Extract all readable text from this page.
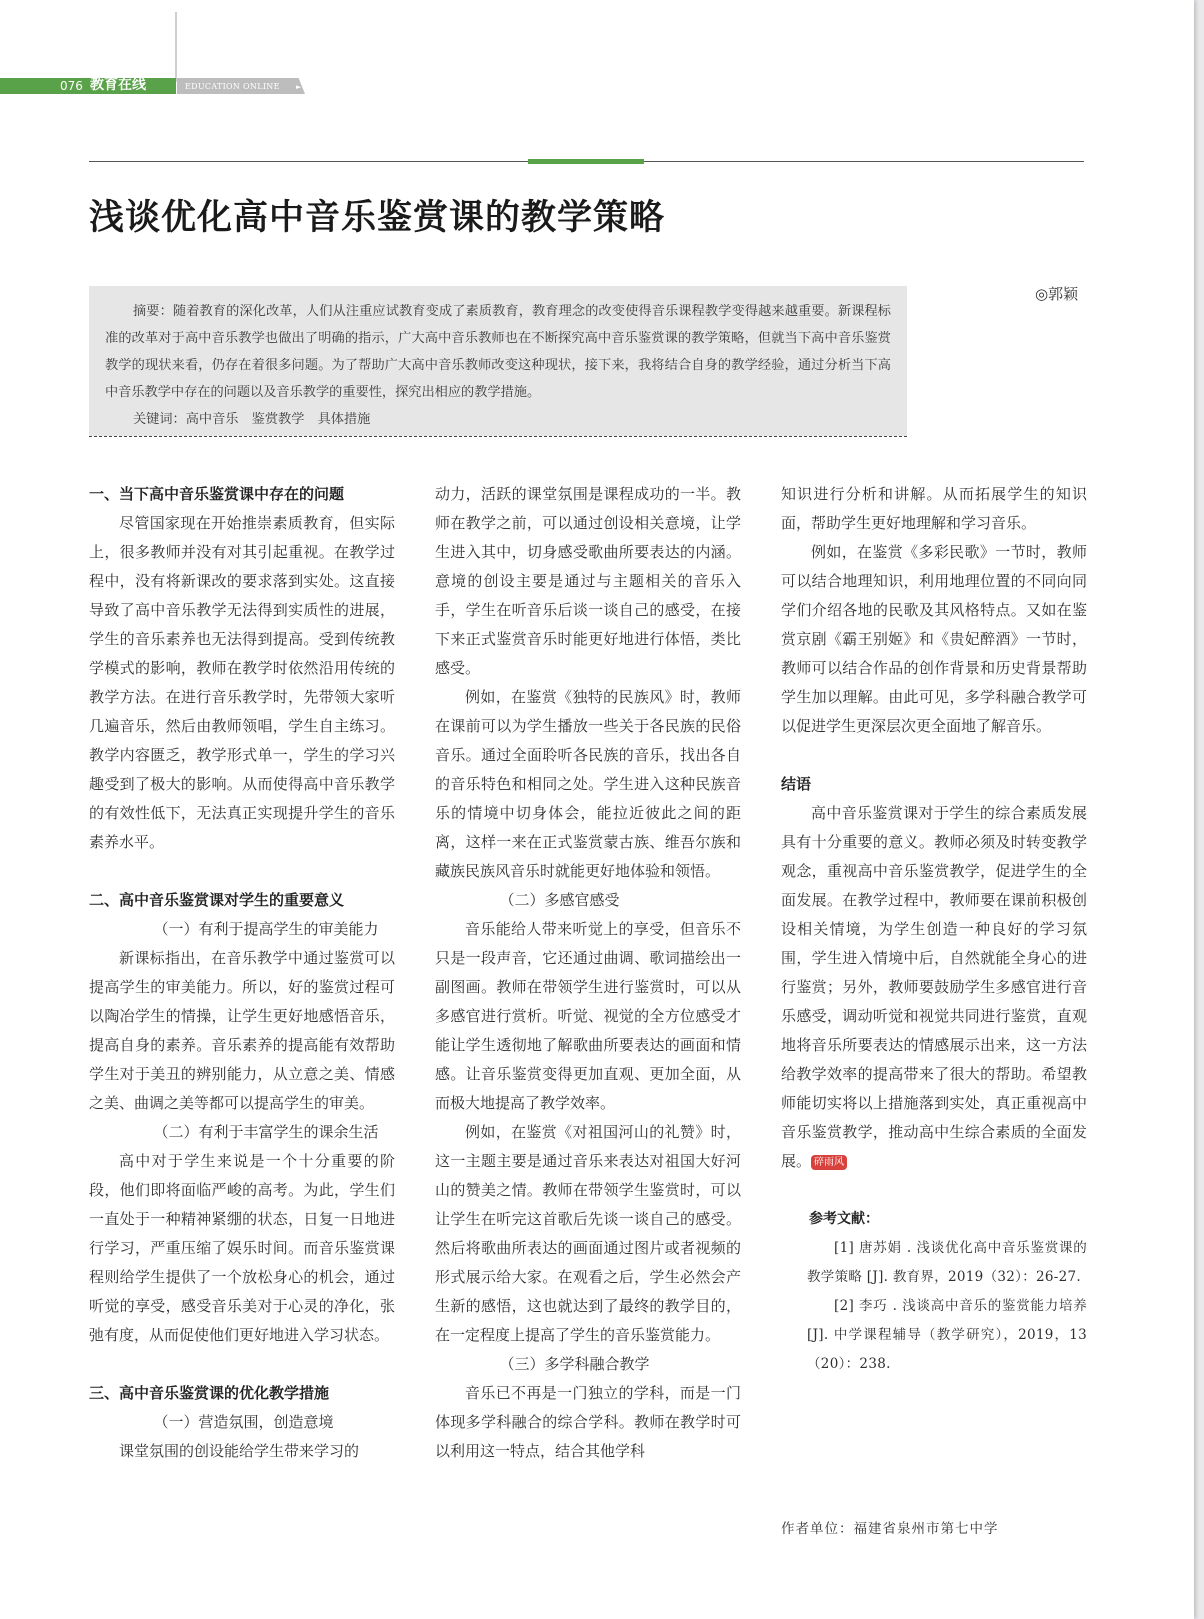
076 教育在线	EDUCATION ONLINE ►
浅谈优化高中音乐鉴赏课的教学策略
◎郭颖

摘要：随着教育的深化改革，人们从注重应试教育变成了素质教育，教育理念的改变使得音乐课程教学变得越来越重要。新课程标准的改革对于高中音乐教学也做出了明确的指示，广大高中音乐教师也在不断探究高中音乐鉴赏课的教学策略，但就当下高中音乐鉴赏教学的现状来看，仍存在着很多问题。为了帮助广大高中音乐教师改变这种现状，接下来，我将结合自身的教学经验，通过分析当下高中音乐教学中存在的问题以及音乐教学的重要性，探究出相应的教学措施。

关键词：高中音乐　鉴赏教学　具体措施

一、当下高中音乐鉴赏课中存在的问题

尽管国家现在开始推崇素质教育，但实际上，很多教师并没有对其引起重视。在教学过程中，没有将新课改的要求落到实处。这直接导致了高中音乐教学无法得到实质性的进展，学生的音乐素养也无法得到提高。受到传统教学模式的影响，教师在教学时依然沿用传统的教学方法。在进行音乐教学时，先带领大家听几遍音乐，然后由教师领唱，学生自主练习。教学内容匮乏，教学形式单一，学生的学习兴趣受到了极大的影响。从而使得高中音乐教学的有效性低下，无法真正实现提升学生的音乐素养水平。

二、高中音乐鉴赏课对学生的重要意义

（一）有利于提高学生的审美能力

新课标指出，在音乐教学中通过鉴赏可以提高学生的审美能力。所以，好的鉴赏过程可以陶冶学生的情操，让学生更好地感悟音乐，提高自身的素养。音乐素养的提高能有效帮助学生对于美丑的辨别能力，从立意之美、情感之美、曲调之美等都可以提高学生的审美。

（二）有利于丰富学生的课余生活

高中对于学生来说是一个十分重要的阶段，他们即将面临严峻的高考。为此，学生们一直处于一种精神紧绷的状态，日复一日地进行学习，严重压缩了娱乐时间。而音乐鉴赏课程则给学生提供了一个放松身心的机会，通过听觉的享受，感受音乐美对于心灵的净化，张弛有度，从而促使他们更好地进入学习状态。

三、高中音乐鉴赏课的优化教学措施

（一）营造氛围，创造意境

课堂氛围的创设能给学生带来学习的

动力，活跃的课堂氛围是课程成功的一半。教师在教学之前，可以通过创设相关意境，让学生进入其中，切身感受歌曲所要表达的内涵。意境的创设主要是通过与主题相关的音乐入手，学生在听音乐后谈一谈自己的感受，在接下来正式鉴赏音乐时能更好地进行体悟，类比感受。

例如，在鉴赏《独特的民族风》时，教师在课前可以为学生播放一些关于各民族的民俗音乐。通过全面聆听各民族的音乐，找出各自的音乐特色和相同之处。学生进入这种民族音乐的情境中切身体会，能拉近彼此之间的距离，这样一来在正式鉴赏蒙古族、维吾尔族和藏族民族风音乐时就能更好地体验和领悟。

（二）多感官感受

音乐能给人带来听觉上的享受，但音乐不只是一段声音，它还通过曲调、歌词描绘出一副图画。教师在带领学生进行鉴赏时，可以从多感官进行赏析。听觉、视觉的全方位感受才能让学生透彻地了解歌曲所要表达的画面和情感。让音乐鉴赏变得更加直观、更加全面，从而极大地提高了教学效率。

例如，在鉴赏《对祖国河山的礼赞》时，这一主题主要是通过音乐来表达对祖国大好河山的赞美之情。教师在带领学生鉴赏时，可以让学生在听完这首歌后先谈一谈自己的感受。然后将歌曲所表达的画面通过图片或者视频的形式展示给大家。在观看之后，学生必然会产生新的感悟，这也就达到了最终的教学目的，在一定程度上提高了学生的音乐鉴赏能力。

（三）多学科融合教学

音乐已不再是一门独立的学科，而是一门体现多学科融合的综合学科。教师在教学时可以利用这一特点，结合其他学科

知识进行分析和讲解。从而拓展学生的知识面，帮助学生更好地理解和学习音乐。

例如，在鉴赏《多彩民歌》一节时，教师可以结合地理知识，利用地理位置的不同向同学们介绍各地的民歌及其风格特点。又如在鉴赏京剧《霸王别姬》和《贵妃醉酒》一节时，教师可以结合作品的创作背景和历史背景帮助学生加以理解。由此可见，多学科融合教学可以促进学生更深层次更全面地了解音乐。

结语

高中音乐鉴赏课对于学生的综合素质发展具有十分重要的意义。教师必须及时转变教学观念，重视高中音乐鉴赏教学，促进学生的全面发展。在教学过程中，教师要在课前积极创设相关情境，为学生创造一种良好的学习氛围，学生进入情境中后，自然就能全身心的进行鉴赏；另外，教师要鼓励学生多感官进行音乐感受，调动听觉和视觉共同进行鉴赏，直观地将音乐所要表达的情感展示出来，这一方法给教学效率的提高带来了很大的帮助。希望教师能切实将以上措施落到实处，真正重视高中音乐鉴赏教学，推动高中生综合素质的全面发展。 碎雨风

参考文献：

[1] 唐苏娟 . 浅谈优化高中音乐鉴赏课的教学策略 [J]. 教育界，2019（32）：26-27.

[2] 李巧 . 浅谈高中音乐的鉴赏能力培养 [J]. 中学课程辅导（教学研究），2019，13（20）：238.

作者单位：福建省泉州市第七中学
